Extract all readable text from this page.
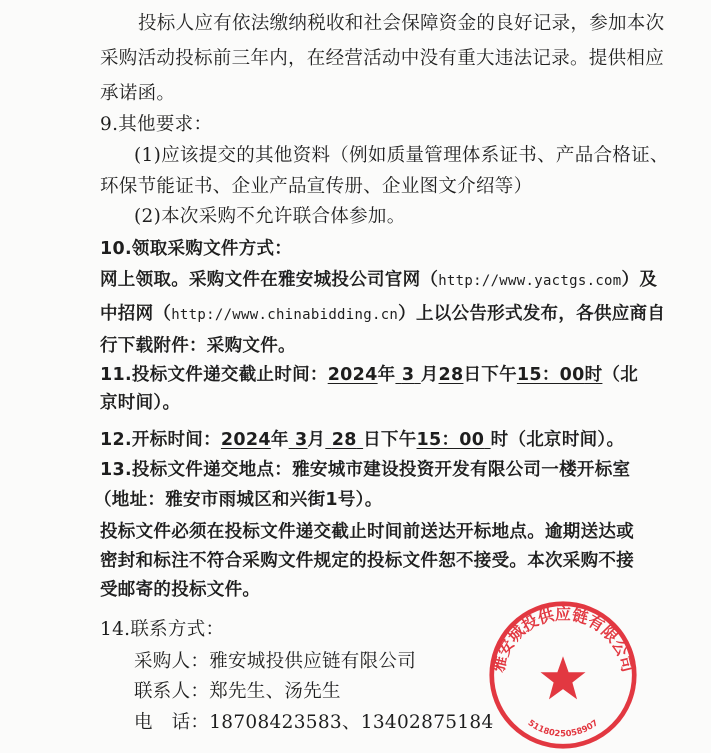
投标人应有依法缴纳税收和社会保障资金的良好记录，参加本次
采购活动投标前三年内，在经营活动中没有重大违法记录。提供相应
承诺函。
9.其他要求：
(1)应该提交的其他资料（例如质量管理体系证书、产品合格证、
环保节能证书、企业产品宣传册、企业图文介绍等）
(2)本次采购不允许联合体参加。
10.领取采购文件方式：
网上领取。采购文件在雅安城投公司官网（http://www.yactgs.com）及
中招网（http://www.chinabidding.cn）上以公告形式发布，各供应商自
行下载附件：采购文件。
11.投标文件递交截止时间：2024年 3 月28日下午15：00时（北
京时间）。
12.开标时间：2024年 3月 28 日下午15：00 时（北京时间）。
13.投标文件递交地点：雅安城市建设投资开发有限公司一楼开标室
（地址：雅安市雨城区和兴街1号）。
投标文件必须在投标文件递交截止时间前送达开标地点。逾期送达或
密封和标注不符合采购文件规定的投标文件恕不接受。本次采购不接
受邮寄的投标文件。
14.联系方式：
采购人：雅安城投供应链有限公司
联系人：郑先生、汤先生
电　话：18708423583、13402875184
雅安城投供应链有限公司
5118025058907
